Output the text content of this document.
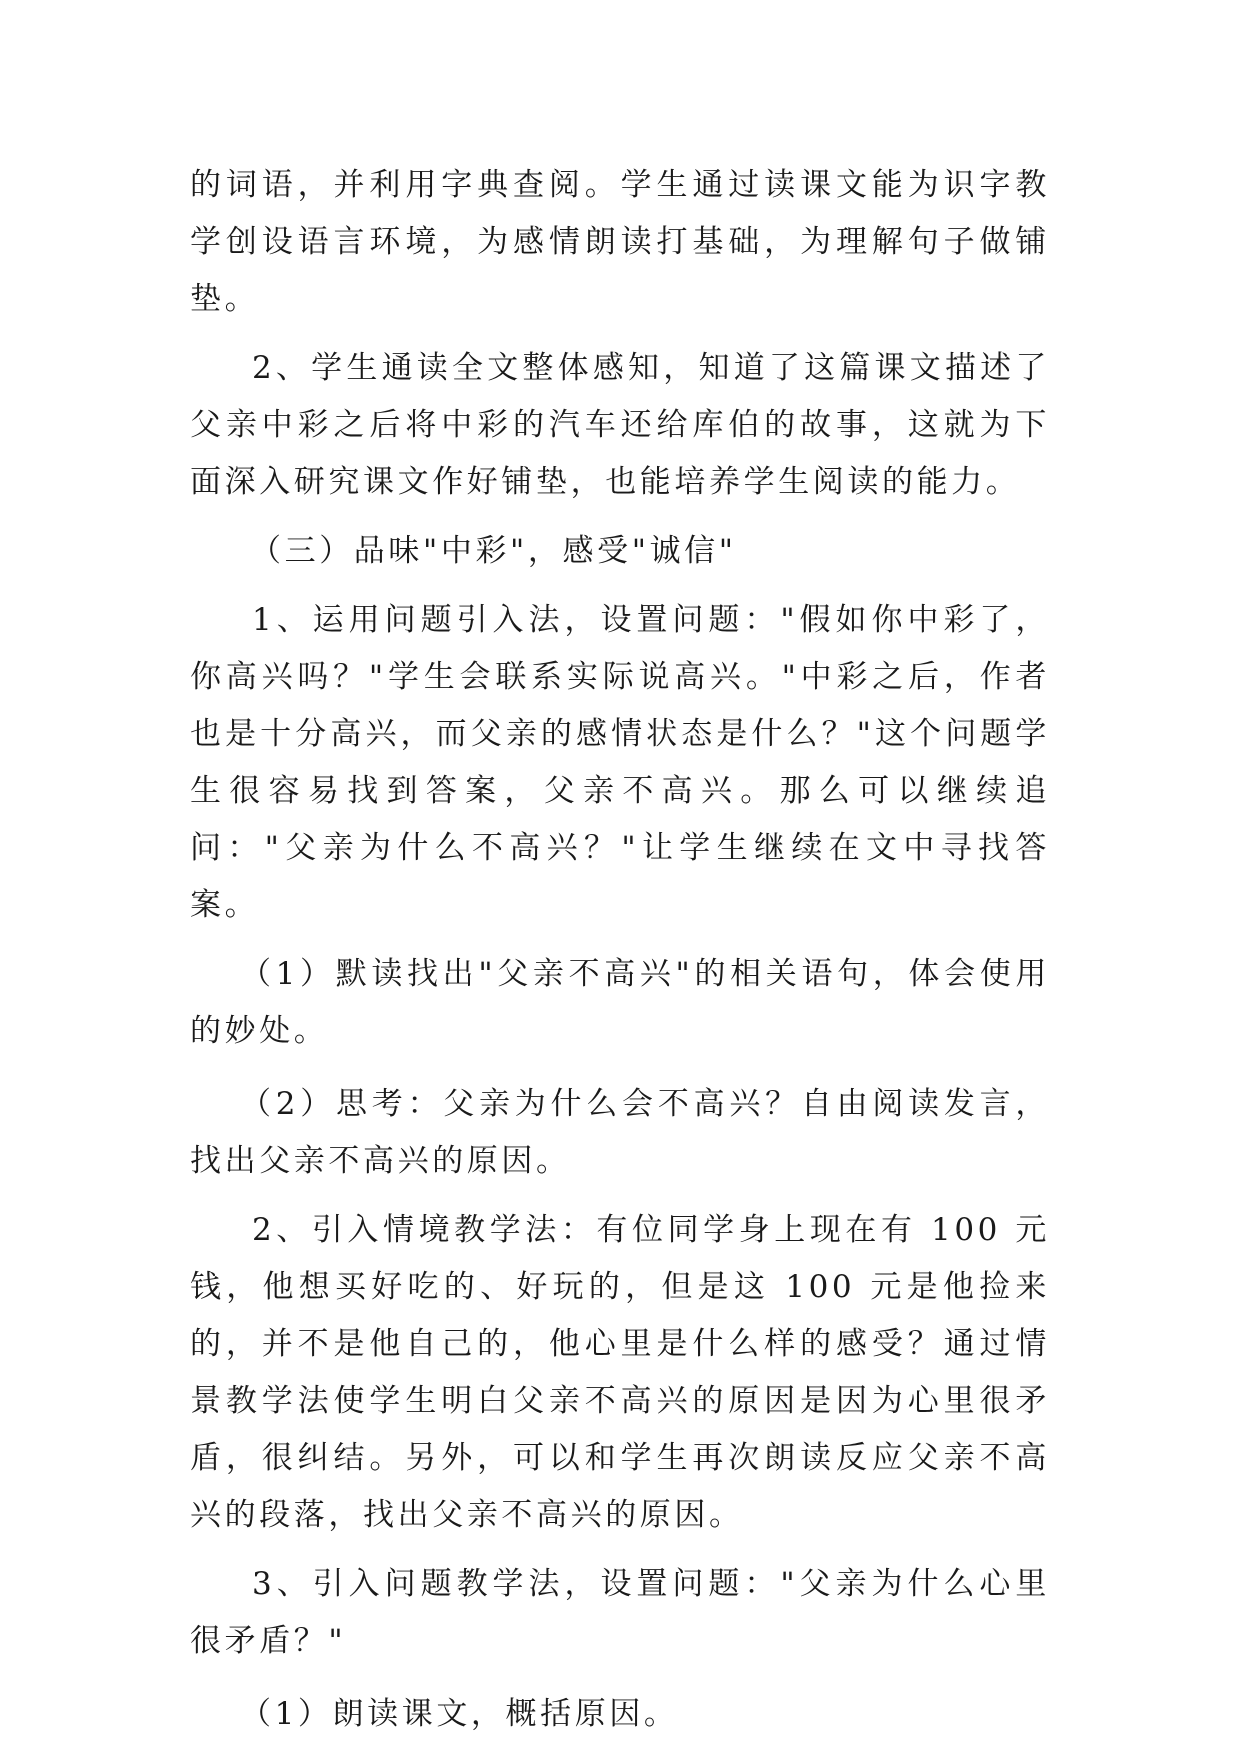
的词语，并利用字典查阅。学生通过读课文能为识字教学创设语言环境，为感情朗读打基础，为理解句子做铺垫。

2、学生通读全文整体感知，知道了这篇课文描述了父亲中彩之后将中彩的汽车还给库伯的故事，这就为下面深入研究课文作好铺垫，也能培养学生阅读的能力。

（三）品味"中彩"，感受"诚信"

1、运用问题引入法，设置问题："假如你中彩了，你高兴吗？"学生会联系实际说高兴。"中彩之后，作者也是十分高兴，而父亲的感情状态是什么？"这个问题学生很容易找到答案，父亲不高兴。那么可以继续追问："父亲为什么不高兴？"让学生继续在文中寻找答案。

（1）默读找出"父亲不高兴"的相关语句，体会使用的妙处。

（2）思考：父亲为什么会不高兴？自由阅读发言，找出父亲不高兴的原因。

2、引入情境教学法：有位同学身上现在有 100 元钱，他想买好吃的、好玩的，但是这 100 元是他捡来的，并不是他自己的，他心里是什么样的感受？通过情景教学法使学生明白父亲不高兴的原因是因为心里很矛盾，很纠结。另外，可以和学生再次朗读反应父亲不高兴的段落，找出父亲不高兴的原因。

3、引入问题教学法，设置问题："父亲为什么心里很矛盾？"

（1）朗读课文，概括原因。
